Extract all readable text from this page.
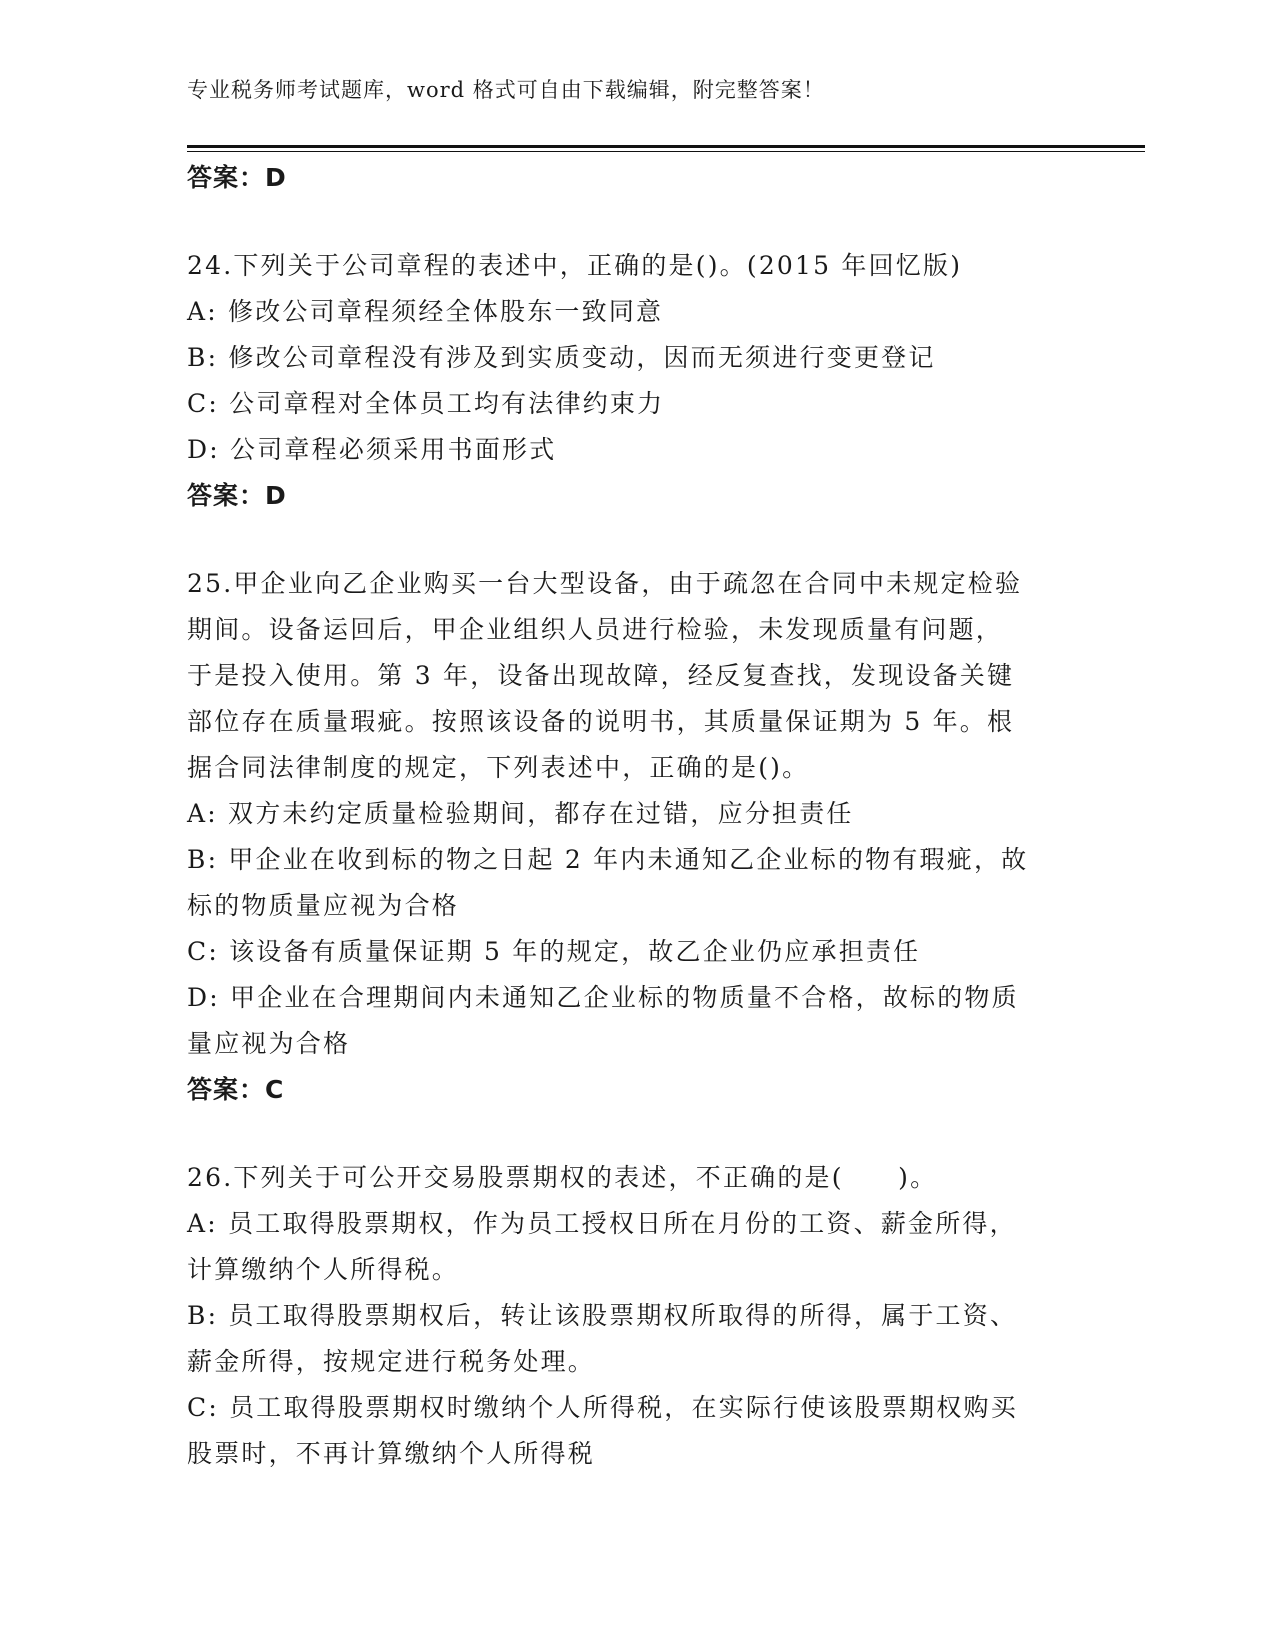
专业税务师考试题库，word 格式可自由下载编辑，附完整答案！
答案：D
24.下列关于公司章程的表述中，正确的是()。(2015 年回忆版)
A: 修改公司章程须经全体股东一致同意
B: 修改公司章程没有涉及到实质变动，因而无须进行变更登记
C: 公司章程对全体员工均有法律约束力
D: 公司章程必须采用书面形式
答案：D
25.甲企业向乙企业购买一台大型设备，由于疏忽在合同中未规定检验
期间。设备运回后，甲企业组织人员进行检验，未发现质量有问题，
于是投入使用。第 3 年，设备出现故障，经反复查找，发现设备关键
部位存在质量瑕疵。按照该设备的说明书，其质量保证期为 5 年。根
据合同法律制度的规定，下列表述中，正确的是()。
A: 双方未约定质量检验期间，都存在过错，应分担责任
B: 甲企业在收到标的物之日起 2 年内未通知乙企业标的物有瑕疵，故
标的物质量应视为合格
C: 该设备有质量保证期 5 年的规定，故乙企业仍应承担责任
D: 甲企业在合理期间内未通知乙企业标的物质量不合格，故标的物质
量应视为合格
答案：C
26.下列关于可公开交易股票期权的表述，不正确的是(　　)。
A: 员工取得股票期权，作为员工授权日所在月份的工资、薪金所得，
计算缴纳个人所得税。
B: 员工取得股票期权后，转让该股票期权所取得的所得，属于工资、
薪金所得，按规定进行税务处理。
C: 员工取得股票期权时缴纳个人所得税，在实际行使该股票期权购买
股票时，不再计算缴纳个人所得税
